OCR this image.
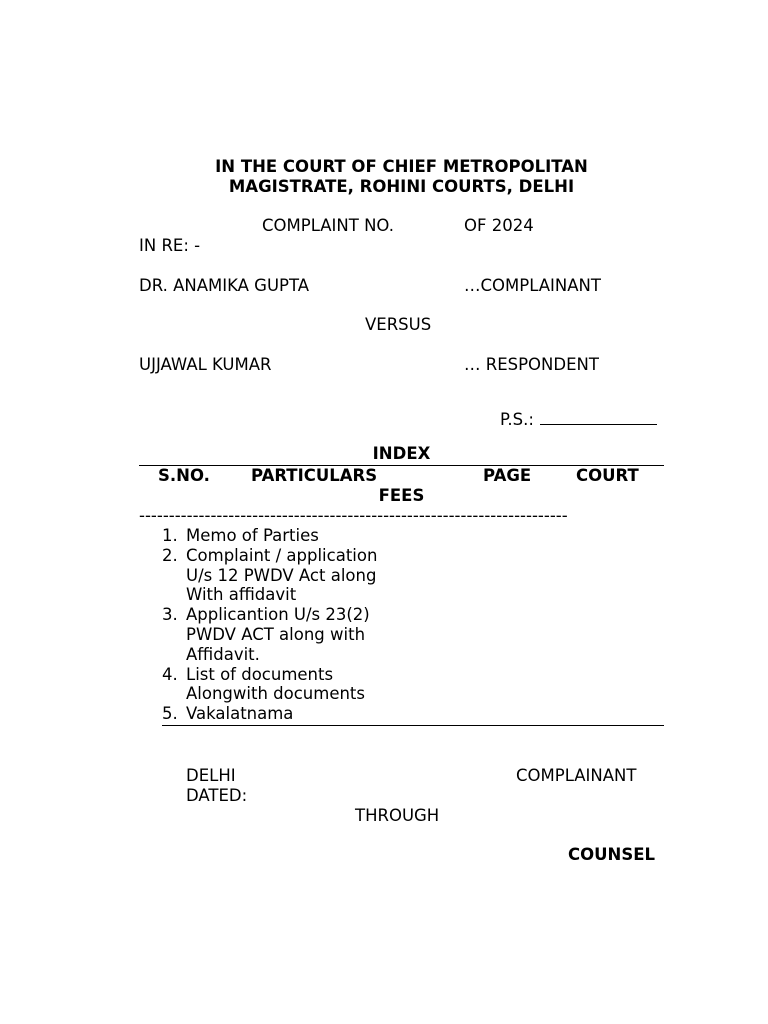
IN THE COURT OF CHIEF METROPOLITAN
MAGISTRATE, ROHINI COURTS, DELHI
COMPLAINT NO.	OF 2024
IN RE: -
DR. ANAMIKA GUPTA	…COMPLAINANT
VERSUS
UJJAWAL KUMAR	… RESPONDENT
P.S.:
INDEX
S.NO. PARTICULARS	PAGE	COURT
FEES
------------------------------------------------------------------------
1. Memo of Parties
2. Complaint / application
U/s 12 PWDV Act along
With affidavit
3. Applicantion U/s 23(2)
PWDV ACT along with
Affidavit.
4. List of documents
Alongwith documents
5. Vakalatnama
DELHI	COMPLAINANT
DATED:
THROUGH
COUNSEL
